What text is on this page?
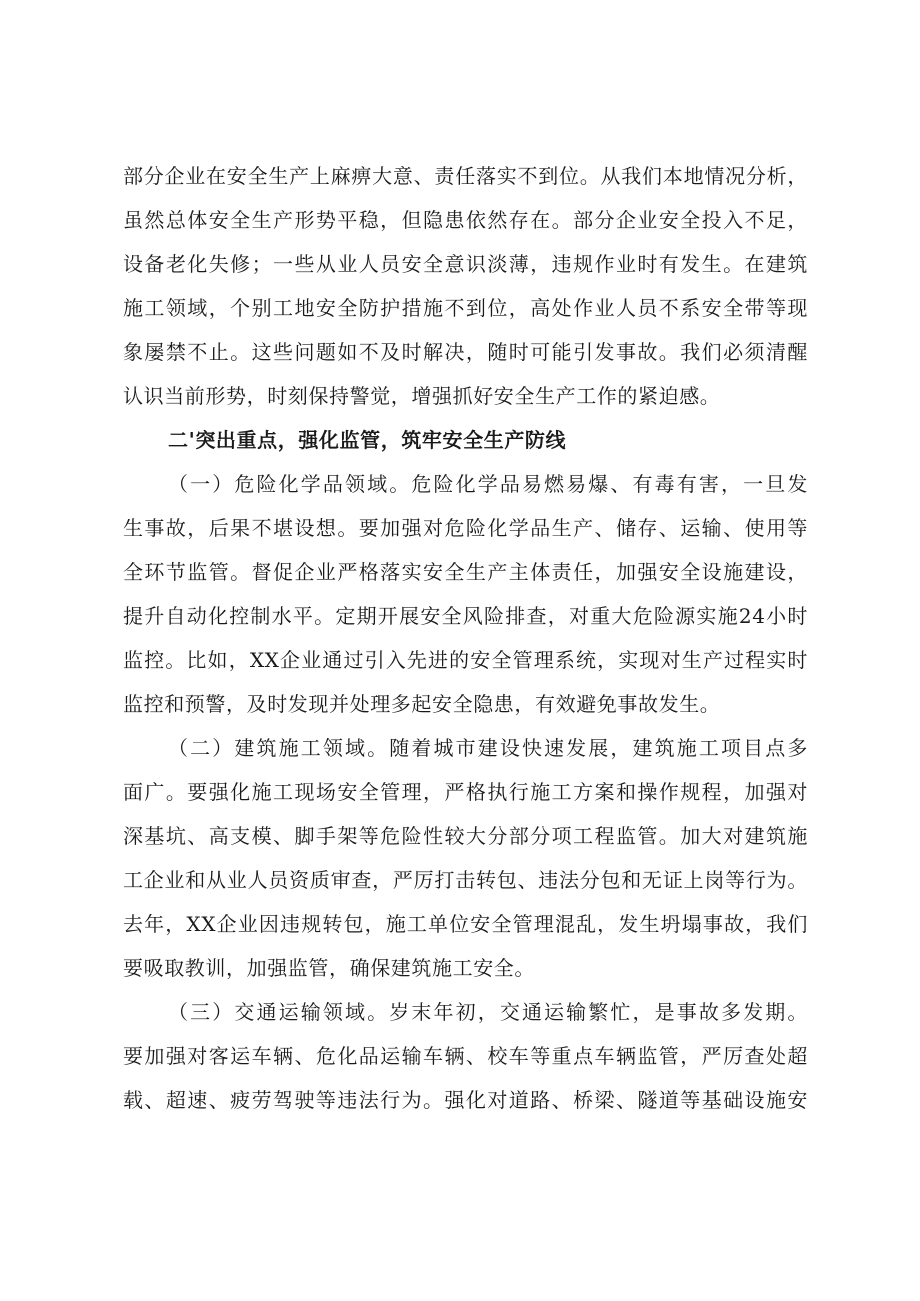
部分企业在安全生产上麻痹大意、责任落实不到位。从我们本地情况分析，
虽然总体安全生产形势平稳，但隐患依然存在。部分企业安全投入不足，
设备老化失修；一些从业人员安全意识淡薄，违规作业时有发生。在建筑
施工领域，个别工地安全防护措施不到位，高处作业人员不系安全带等现
象屡禁不止。这些问题如不及时解决，随时可能引发事故。我们必须清醒
认识当前形势，时刻保持警觉，增强抓好安全生产工作的紧迫感。
二'突出重点，强化监管，筑牢安全生产防线
（一）危险化学品领域。危险化学品易燃易爆、有毒有害，一旦发
生事故，后果不堪设想。要加强对危险化学品生产、储存、运输、使用等
全环节监管。督促企业严格落实安全生产主体责任，加强安全设施建设，
提升自动化控制水平。定期开展安全风险排查，对重大危险源实施24小时
监控。比如，XX企业通过引入先进的安全管理系统，实现对生产过程实时
监控和预警，及时发现并处理多起安全隐患，有效避免事故发生。
（二）建筑施工领域。随着城市建设快速发展，建筑施工项目点多
面广。要强化施工现场安全管理，严格执行施工方案和操作规程，加强对
深基坑、高支模、脚手架等危险性较大分部分项工程监管。加大对建筑施
工企业和从业人员资质审查，严厉打击转包、违法分包和无证上岗等行为。
去年，XX企业因违规转包，施工单位安全管理混乱，发生坍塌事故，我们
要吸取教训，加强监管，确保建筑施工安全。
（三）交通运输领域。岁末年初，交通运输繁忙，是事故多发期。
要加强对客运车辆、危化品运输车辆、校车等重点车辆监管，严厉查处超
载、超速、疲劳驾驶等违法行为。强化对道路、桥梁、隧道等基础设施安
